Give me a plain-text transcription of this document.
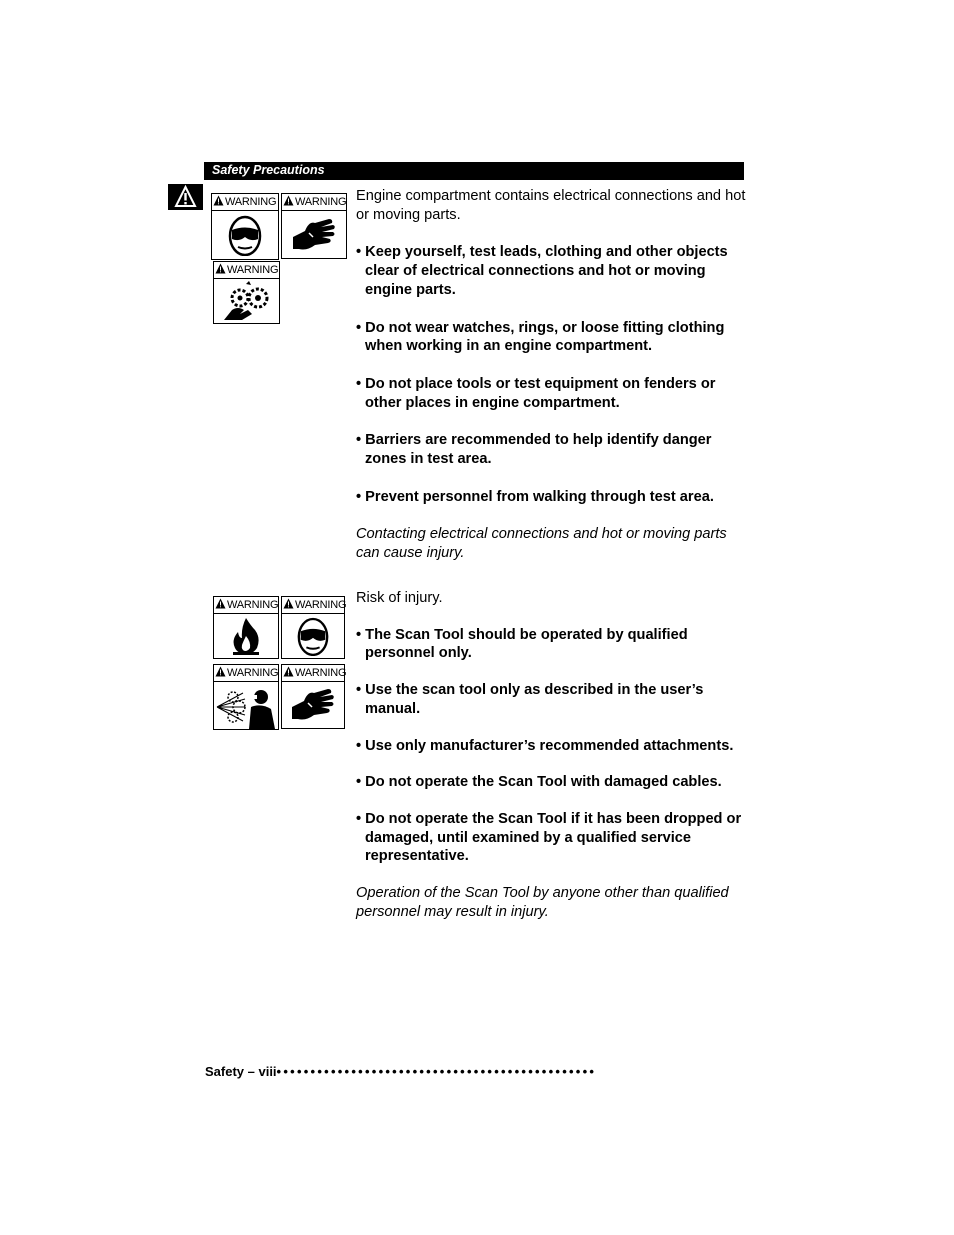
Safety Precautions
WARNING WARNING
WARNING

Engine compartment contains electrical connections and hot or moving parts.

• Keep yourself, test leads, clothing and other objects clear of electrical connections and hot or moving engine parts.

• Do not wear watches, rings, or loose fitting clothing when working in an engine compartment.

• Do not place tools or test equipment on fenders or other places in engine compartment.

• Barriers are recommended to help identify danger zones in test area.

• Prevent personnel from walking through test area.

Contacting electrical connections and hot or moving parts can cause injury.

WARNING WARNING
WARNING WARNING

Risk of injury.

• The Scan Tool should be operated by qualified personnel only.

• Use the scan tool only as described in the user’s manual.

• Use only manufacturer’s recommended attachments.

• Do not operate the Scan Tool with damaged cables.

• Do not operate the Scan Tool if it has been dropped or damaged, until examined by a qualified service representative.

Operation of the Scan Tool by anyone other than qualified personnel may result in injury.

Safety – viii•••••••••••••••••••••••••••••••••••••••••••••••
